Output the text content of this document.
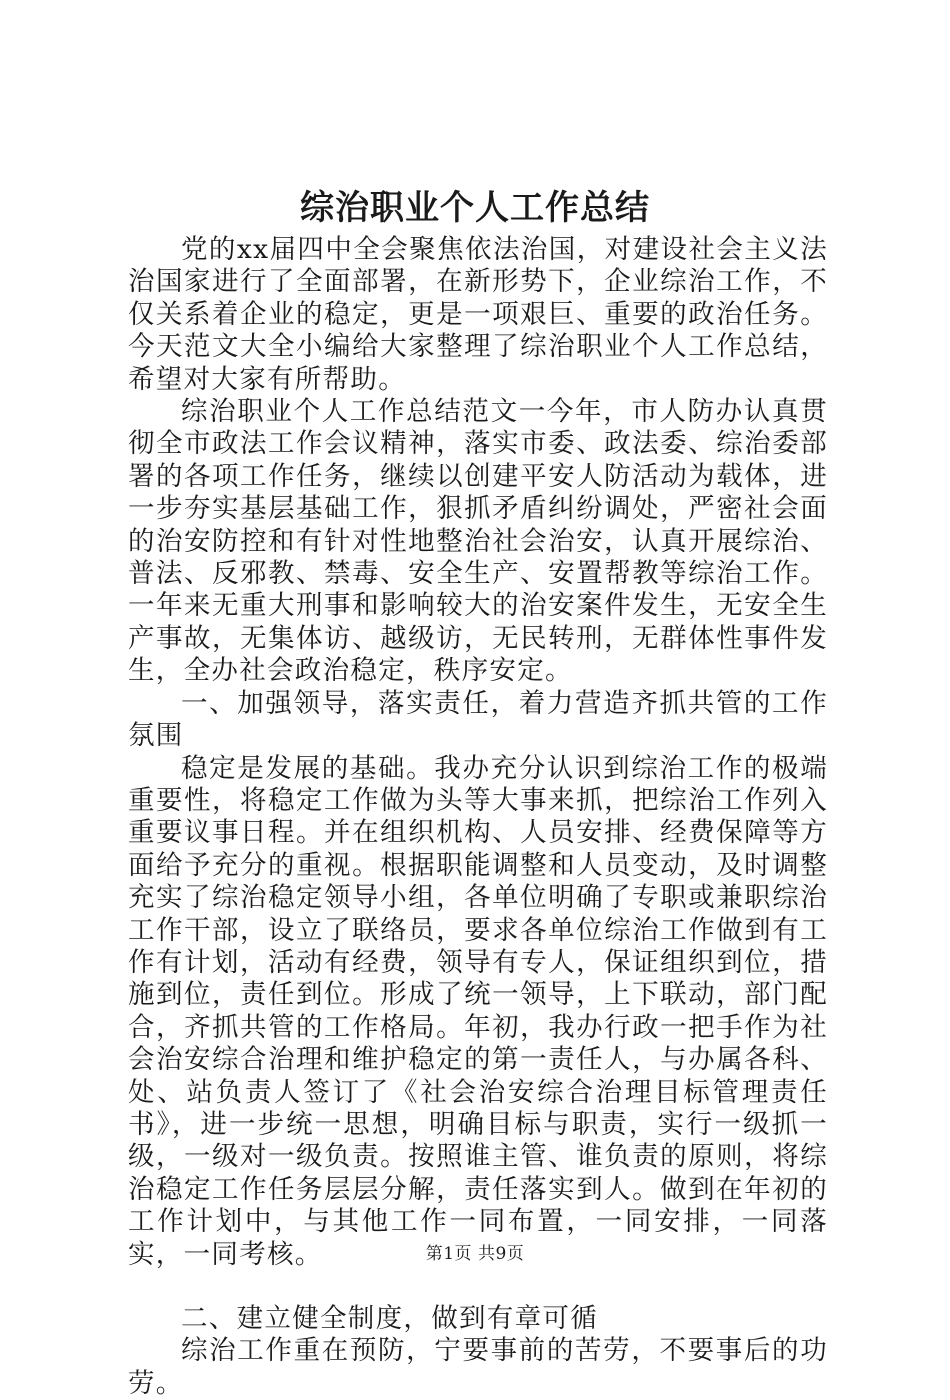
综治职业个人工作总结

党的xx届四中全会聚焦依法治国，对建设社会主义法治国家进行了全面部署，在新形势下，企业综治工作，不仅关系着企业的稳定，更是一项艰巨、重要的政治任务。今天范文大全小编给大家整理了综治职业个人工作总结，希望对大家有所帮助。

综治职业个人工作总结范文一今年，市人防办认真贯彻全市政法工作会议精神，落实市委、政法委、综治委部署的各项工作任务，继续以创建平安人防活动为载体，进一步夯实基层基础工作，狠抓矛盾纠纷调处，严密社会面的治安防控和有针对性地整治社会治安，认真开展综治、普法、反邪教、禁毒、安全生产、安置帮教等综治工作。一年来无重大刑事和影响较大的治安案件发生，无安全生产事故，无集体访、越级访，无民转刑，无群体性事件发生，全办社会政治稳定，秩序安定。

一、加强领导，落实责任，着力营造齐抓共管的工作氛围

稳定是发展的基础。我办充分认识到综治工作的极端重要性，将稳定工作做为头等大事来抓，把综治工作列入重要议事日程。并在组织机构、人员安排、经费保障等方面给予充分的重视。根据职能调整和人员变动，及时调整充实了综治稳定领导小组，各单位明确了专职或兼职综治工作干部，设立了联络员，要求各单位综治工作做到有工作有计划，活动有经费，领导有专人，保证组织到位，措施到位，责任到位。形成了统一领导，上下联动，部门配合，齐抓共管的工作格局。年初，我办行政一把手作为社会治安综合治理和维护稳定的第一责任人，与办属各科、处、站负责人签订了《社会治安综合治理目标管理责任书》，进一步统一思想，明确目标与职责，实行一级抓一级，一级对一级负责。按照谁主管、谁负责的原则，将综治稳定工作任务层层分解，责任落实到人。做到在年初的工作计划中，与其他工作一同布置，一同安排，一同落实，一同考核。

二、建立健全制度，做到有章可循

综治工作重在预防，宁要事前的苦劳，不要事后的功劳。

第1页 共9页
